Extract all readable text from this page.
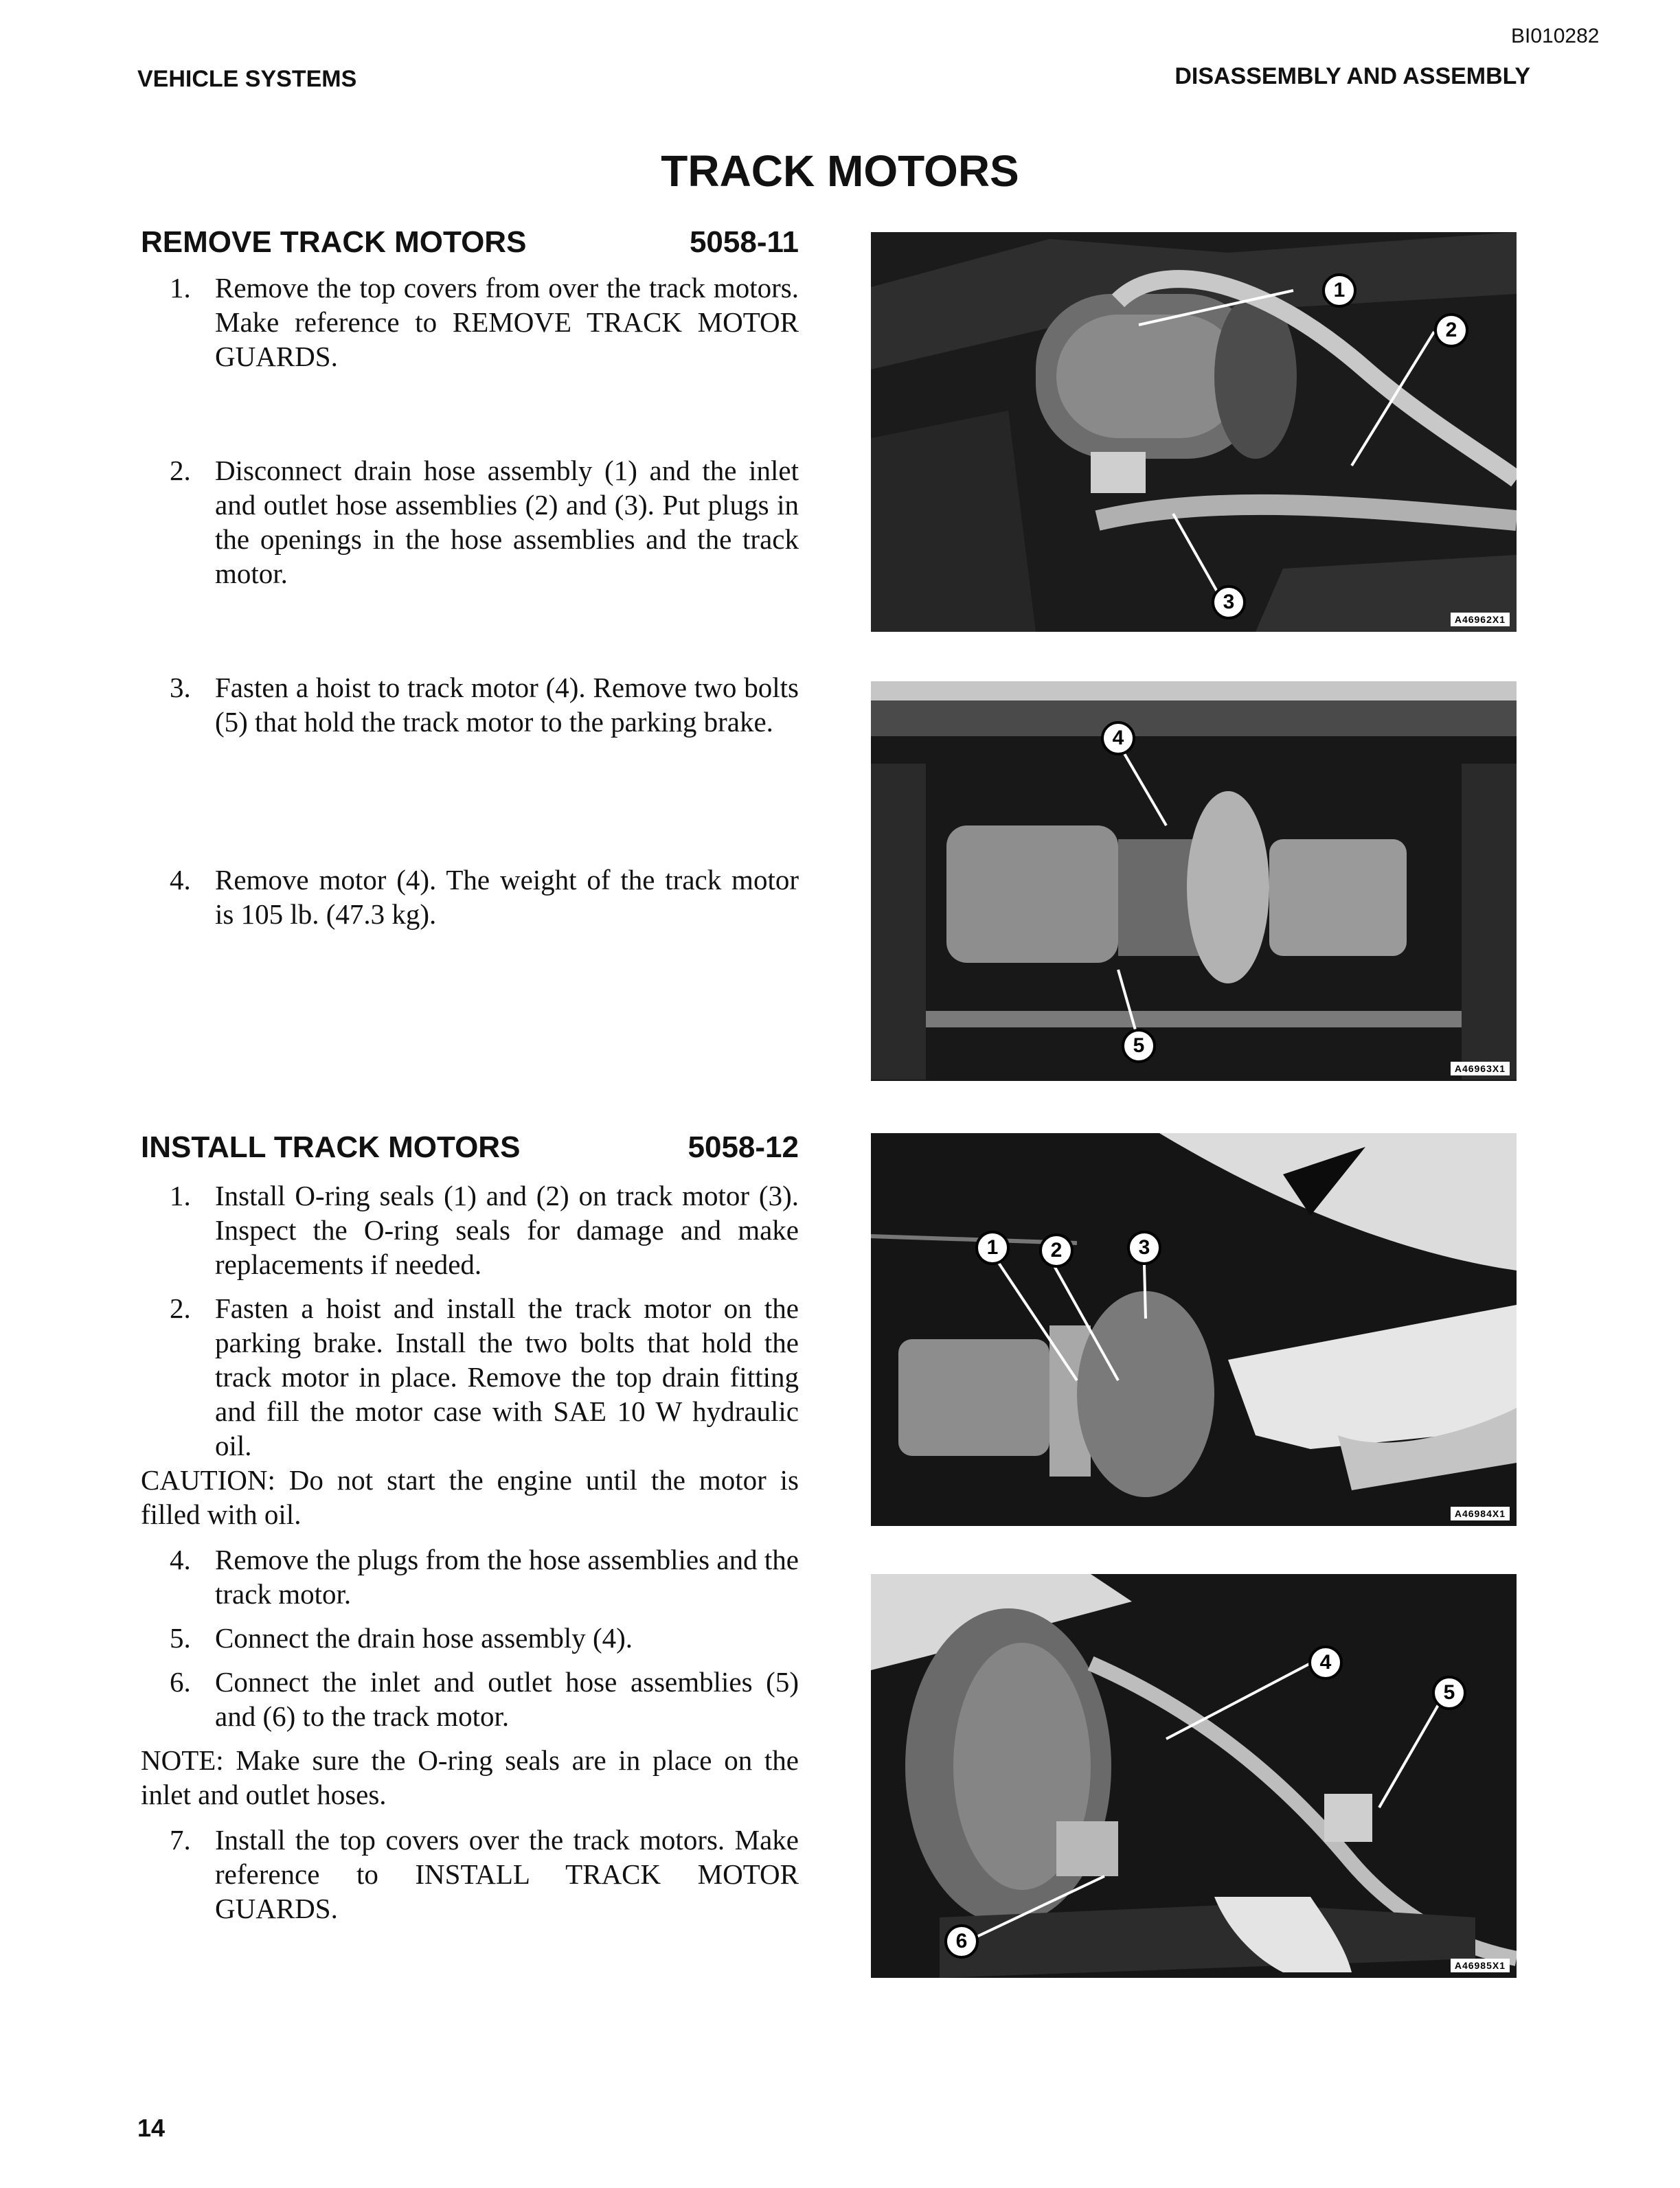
BI010282
VEHICLE SYSTEMS	DISASSEMBLY AND ASSEMBLY
TRACK MOTORS
REMOVE TRACK MOTORS	5058-11
1. Remove the top covers from over the track motors. Make reference to REMOVE TRACK MOTOR GUARDS.
2. Disconnect drain hose assembly (1) and the inlet and outlet hose assemblies (2) and (3). Put plugs in the openings in the hose assemblies and the track motor.
3. Fasten a hoist to track motor (4). Remove two bolts (5) that hold the track motor to the parking brake.
4. Remove motor (4). The weight of the track motor is 105 lb. (47.3 kg).
INSTALL TRACK MOTORS	5058-12
1. Install O-ring seals (1) and (2) on track motor (3). Inspect the O-ring seals for damage and make replacements if needed.
2. Fasten a hoist and install the track motor on the parking brake. Install the two bolts that hold the track motor in place. Remove the top drain fitting and fill the motor case with SAE 10 W hydraulic oil.
CAUTION: Do not start the engine until the motor is filled with oil.
4. Remove the plugs from the hose assemblies and the track motor.
5. Connect the drain hose assembly (4).
6. Connect the inlet and outlet hose assemblies (5) and (6) to the track motor.
NOTE: Make sure the O-ring seals are in place on the inlet and outlet hoses.
7. Install the top covers over the track motors. Make reference to INSTALL TRACK MOTOR GUARDS.
1
2
3
A46962X1
4
5
A46963X1
1	2	3
A46984X1
4
5
6
A46985X1
14
